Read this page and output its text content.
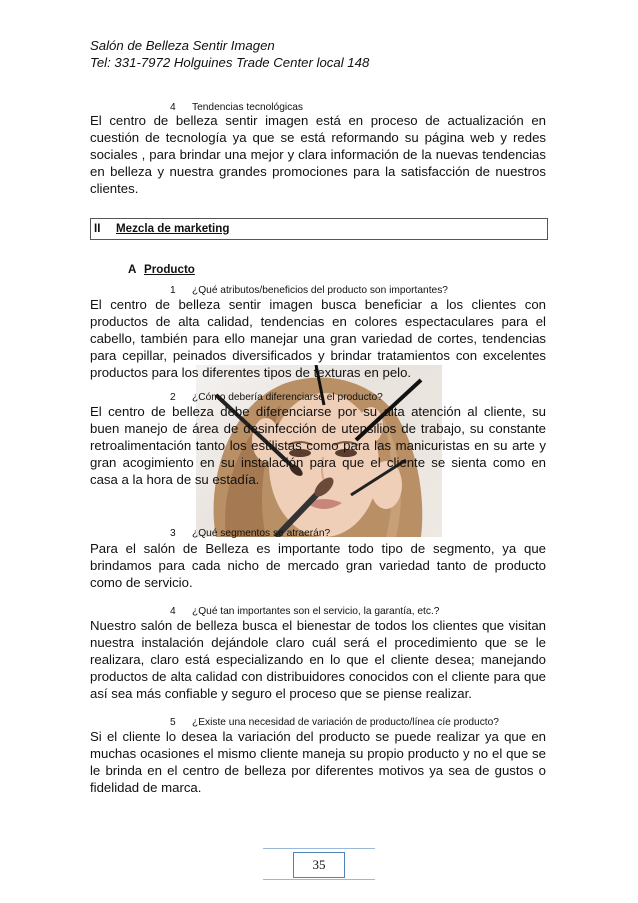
Salón de Belleza Sentir Imagen
Tel: 331-7972 Holguines Trade Center local 148
4 Tendencias tecnológicas

El centro de belleza sentir imagen está en proceso de actualización en cuestión de tecnología ya que se está reformando su página web y redes sociales , para brindar una mejor y clara información de la nuevas tendencias en belleza y nuestra grandes promociones para la satisfacción de nuestros clientes.

II Mezcla de marketing
A Producto
1 ¿Qué atributos/beneficios del producto son importantes?

El centro de belleza sentir imagen busca beneficiar a los clientes con productos de alta calidad, tendencias en colores espectaculares para el cabello, también para ello manejar una gran variedad de cortes, tendencias para cepillar, peinados diversificados y brindar tratamientos con excelentes productos para los diferentes tipos de texturas en pelo.

2 ¿Cómo debería diferenciarse el producto?

El centro de belleza debe diferenciarse por su alta atención al cliente, su buen manejo de área de desinfección de utensilios de trabajo, su constante retroalimentación tanto los estilistas como para las manicuristas en su arte y gran acogimiento en su instalación para que el cliente se sienta como en casa a la hora de su estadía.

3 ¿Qué segmentos se atraerán?

Para el salón de Belleza es importante todo tipo de segmento, ya que brindamos para cada nicho de mercado gran variedad tanto de producto como de servicio.

4 ¿Qué tan importantes son el servicio, la garantía, etc.?

Nuestro salón de belleza busca el bienestar de todos los clientes que visitan nuestra instalación dejándole claro cuál será el procedimiento que se le realizara, claro está especializando en lo que el cliente desea; manejando productos de alta calidad con distribuidores conocidos con el cliente para que así sea más confiable y seguro el proceso que se piense realizar.

5 ¿Existe una necesidad de variación de producto/línea cíe producto?

Si el cliente lo desea la variación del producto se puede realizar ya que en muchas ocasiones el mismo cliente maneja su propio producto y no el que se le brinda en el centro de belleza por diferentes motivos ya sea de gustos o fidelidad de marca.

35
